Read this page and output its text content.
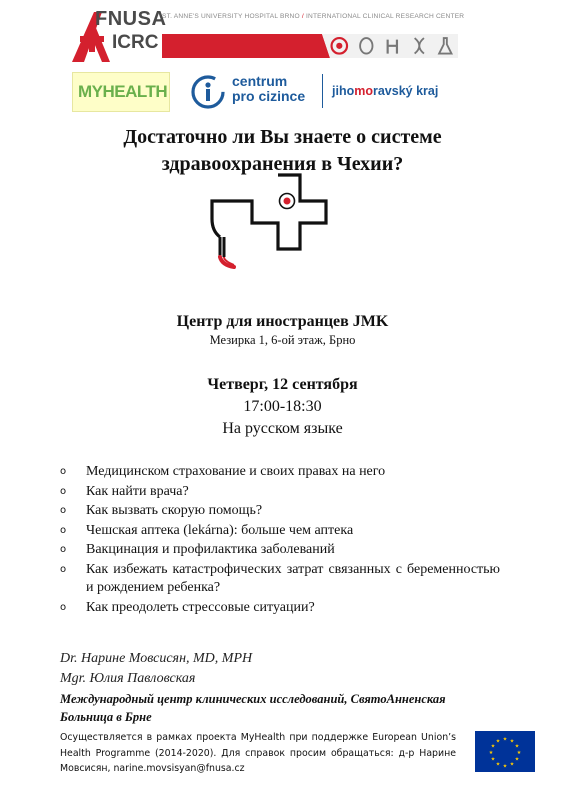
FNUSA
ICRC
ST. ANNE'S UNIVERSITY HOSPITAL BRNO / INTERNATIONAL CLINICAL RESEARCH CENTER
MYHEALTH
centrum
pro cizince jihomoravský kraj
Достаточно ли Вы знаете о системе
здравоохранения в Чехии?
Центр для иностранцев JMK
Мезирка 1, 6-ой этаж, Брно
Четверг, 12 сентября
17:00-18:30
На русском языке
o Медицинском страхование и своих правах на него
o Как найти врача?
o Как вызвать скорую помощь?
o Чешская аптека (lekárna): больше чем аптека
o Вакцинация и профилактика заболеваний
o Как избежать катастрофических затрат связанных с беременностью и рождением ребенка?
o Как преодолеть стрессовые ситуации?
Dr. Нарине Мовсисян, MD, MPH
Mgr. Юлия Павловская
Международный центр клинических исследований, СвятоАнненская Больница в Брне
Осуществляется в рамках проекта MyHealth при поддержке European Union’s Health Programme (2014-2020). Для справок просим обращаться: д-р Нарине Мовсисян, narine.movsisyan@fnusa.cz
★ ★
★
★
★
★
★
★
★
★
★
★
